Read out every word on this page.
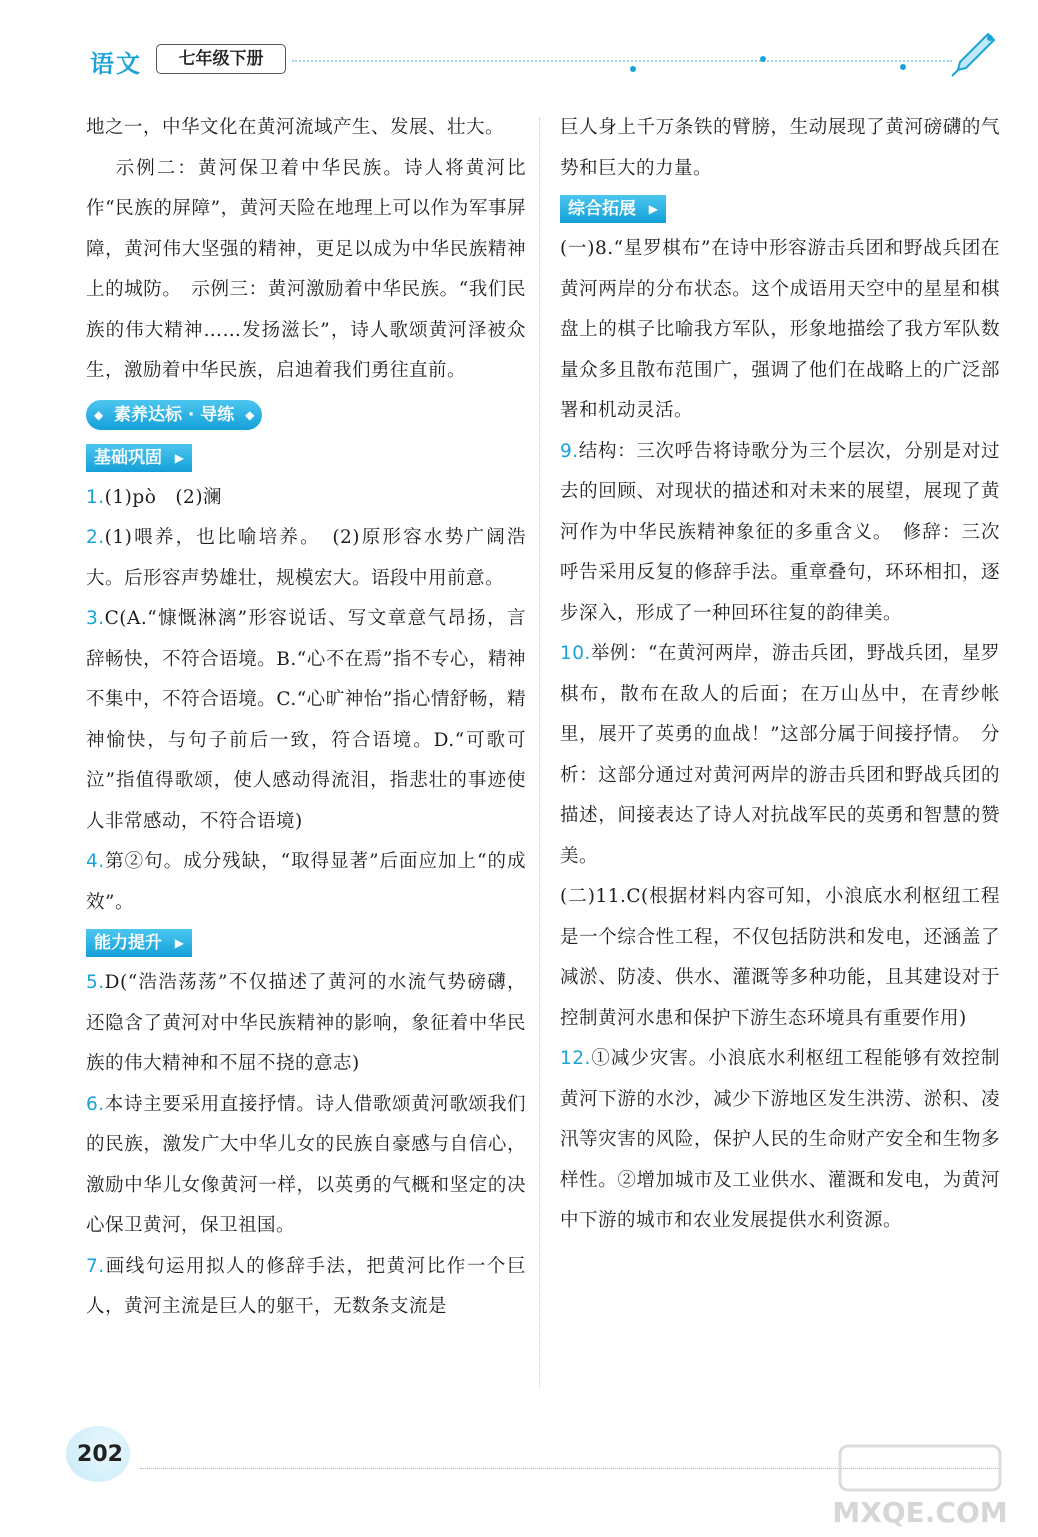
语文	七年级下册

地之一，中华文化在黄河流域产生、发展、壮大。

示例二：黄河保卫着中华民族。诗人将黄河比作“民族的屏障”，黄河天险在地理上可以作为军事屏障，黄河伟大坚强的精神，更足以成为中华民族精神上的城防。　示例三：黄河激励着中华民族。“我们民族的伟大精神……发扬滋长”，诗人歌颂黄河泽被众生，激励着中华民族，启迪着我们勇往直前。

◆ 素养达标 · 导练 ◆
基础巩固 ▶

1.(1)pò　(2)澜

2.(1)喂养，也比喻培养。　(2)原形容水势广阔浩大。后形容声势雄壮，规模宏大。语段中用前意。

3.C(A.“慷慨淋漓”形容说话、写文章意气昂扬，言辞畅快，不符合语境。B.“心不在焉”指不专心，精神不集中，不符合语境。C.“心旷神怡”指心情舒畅，精神愉快，与句子前后一致，符合语境。D.“可歌可泣”指值得歌颂，使人感动得流泪，指悲壮的事迹使人非常感动，不符合语境)

4.第②句。成分残缺，“取得显著”后面应加上“的成效”。

能力提升 ▶

5.D(“浩浩荡荡”不仅描述了黄河的水流气势磅礴，还隐含了黄河对中华民族精神的影响，象征着中华民族的伟大精神和不屈不挠的意志)

6.本诗主要采用直接抒情。诗人借歌颂黄河歌颂我们的民族，激发广大中华儿女的民族自豪感与自信心，激励中华儿女像黄河一样，以英勇的气概和坚定的决心保卫黄河，保卫祖国。

7.画线句运用拟人的修辞手法，把黄河比作一个巨人，黄河主流是巨人的躯干，无数条支流是

巨人身上千万条铁的臂膀，生动展现了黄河磅礴的气势和巨大的力量。

综合拓展 ▶

(一)8.“星罗棋布”在诗中形容游击兵团和野战兵团在黄河两岸的分布状态。这个成语用天空中的星星和棋盘上的棋子比喻我方军队，形象地描绘了我方军队数量众多且散布范围广，强调了他们在战略上的广泛部署和机动灵活。

9.结构：三次呼告将诗歌分为三个层次，分别是对过去的回顾、对现状的描述和对未来的展望，展现了黄河作为中华民族精神象征的多重含义。　修辞：三次呼告采用反复的修辞手法。重章叠句，环环相扣，逐步深入，形成了一种回环往复的韵律美。

10.举例：“在黄河两岸，游击兵团，野战兵团，星罗棋布，散布在敌人的后面；在万山丛中，在青纱帐里，展开了英勇的血战！”这部分属于间接抒情。　分析：这部分通过对黄河两岸的游击兵团和野战兵团的描述，间接表达了诗人对抗战军民的英勇和智慧的赞美。

(二)11.C(根据材料内容可知，小浪底水利枢纽工程是一个综合性工程，不仅包括防洪和发电，还涵盖了减淤、防凌、供水、灌溉等多种功能，且其建设对于控制黄河水患和保护下游生态环境具有重要作用)

12.①减少灾害。小浪底水利枢纽工程能够有效控制黄河下游的水沙，减少下游地区发生洪涝、淤积、凌汛等灾害的风险，保护人民的生命财产安全和生物多样性。②增加城市及工业供水、灌溉和发电，为黄河中下游的城市和农业发展提供水利资源。

202
MXQE.COM
